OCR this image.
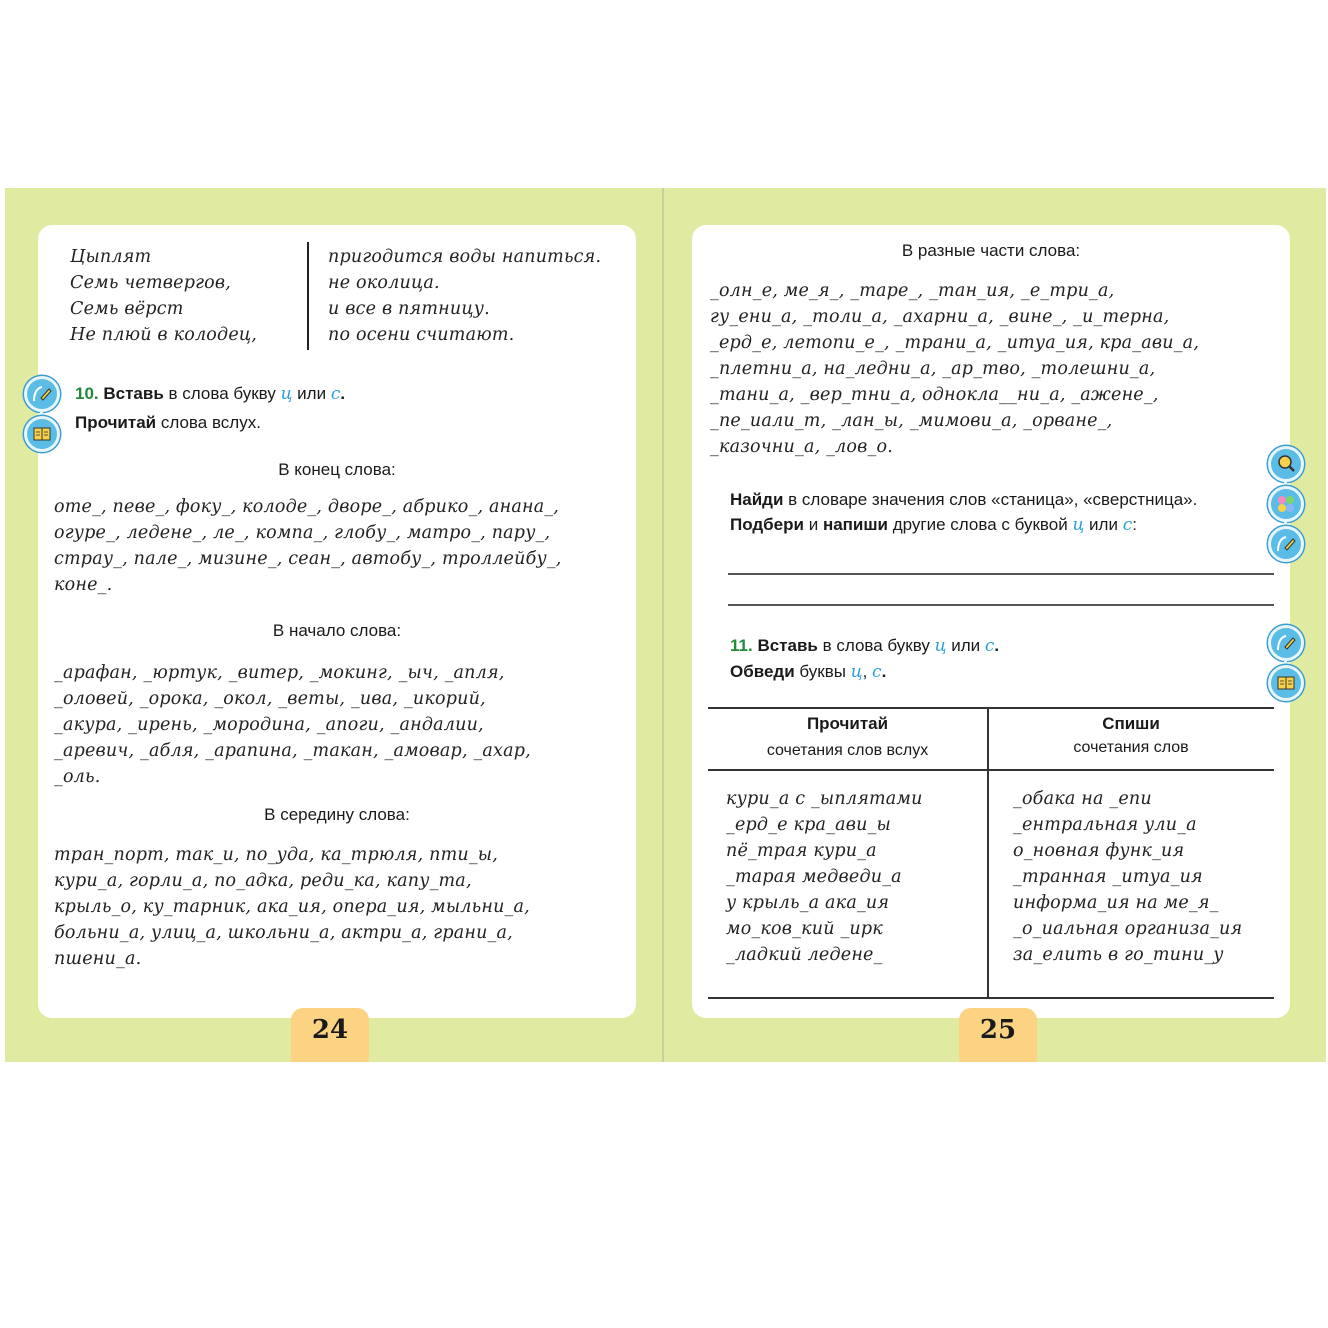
Цыплят
Семь четвергов,
Семь вёрст
Не плюй в колодец,
пригодится воды напиться.
не околица.
и все в пятницу.
по осени считают.
10. Вставь в слова букву ц или с.
Прочитай слова вслух.
В конец слова:
оте_, певе_, фоку_, колоде_, дворе_, абрико_, анана_,
огуре_, ледене_, ле_, компа_, глобу_, матро_, пару_,
страу_, пале_, мизине_, сеан_, автобу_, троллейбу_,
коне_.
В начало слова:
_арафан, _юртук, _витер, _мокинг, _ыч, _апля,
_оловей, _орока, _окол, _веты, _ива, _икорий,
_акура, _ирень, _мородина, _апоги, _андалии,
_аревич, _абля, _арапина, _такан, _амовар, _ахар,
_оль.
В середину слова:
тран_порт, так_и, по_уда, ка_трюля, пти_ы,
кури_а, горли_а, по_адка, реди_ка, капу_та,
крыль_о, ку_тарник, ака_ия, опера_ия, мыльни_а,
больни_а, улиц_а, школьни_а, актри_а, грани_а,
пшени_а.
24
В разные части слова:
_олн_е, ме_я_, _таре_, _тан_ия, _е_три_а,
гу_ени_а, _толи_а, _ахарни_а, _вине_, _и_терна,
_ерд_е, летопи_е_, _трани_а, _итуа_ия, кра_ави_а,
_плетни_а, на_ледни_а, _ар_тво, _толешни_а,
_тани_а, _вер_тни_а, однокла__ни_а, _ажене_,
_пе_иали_т, _лан_ы, _мимови_а, _орване_,
_казочни_а, _лов_о.
Найди в словаре значения слов «станица», «сверстница».
Подбери и напиши другие слова с буквой ц или с:
11. Вставь в слова букву ц или с.
Обведи буквы ц, с.
Прочитай
сочетания слов вслух
Спиши
сочетания слов
кури_а с _ыплятами
_ерд_е кра_ави_ы
пё_трая кури_а
_тарая медведи_а
у крыль_а ака_ия
мо_ков_кий _ирк
_ладкий ледене_
_обака на _епи
_ентральная ули_а
о_новная функ_ия
_транная _итуа_ия
информа_ия на ме_я_
_о_иальная организа_ия
за_елить в го_тини_у
25
